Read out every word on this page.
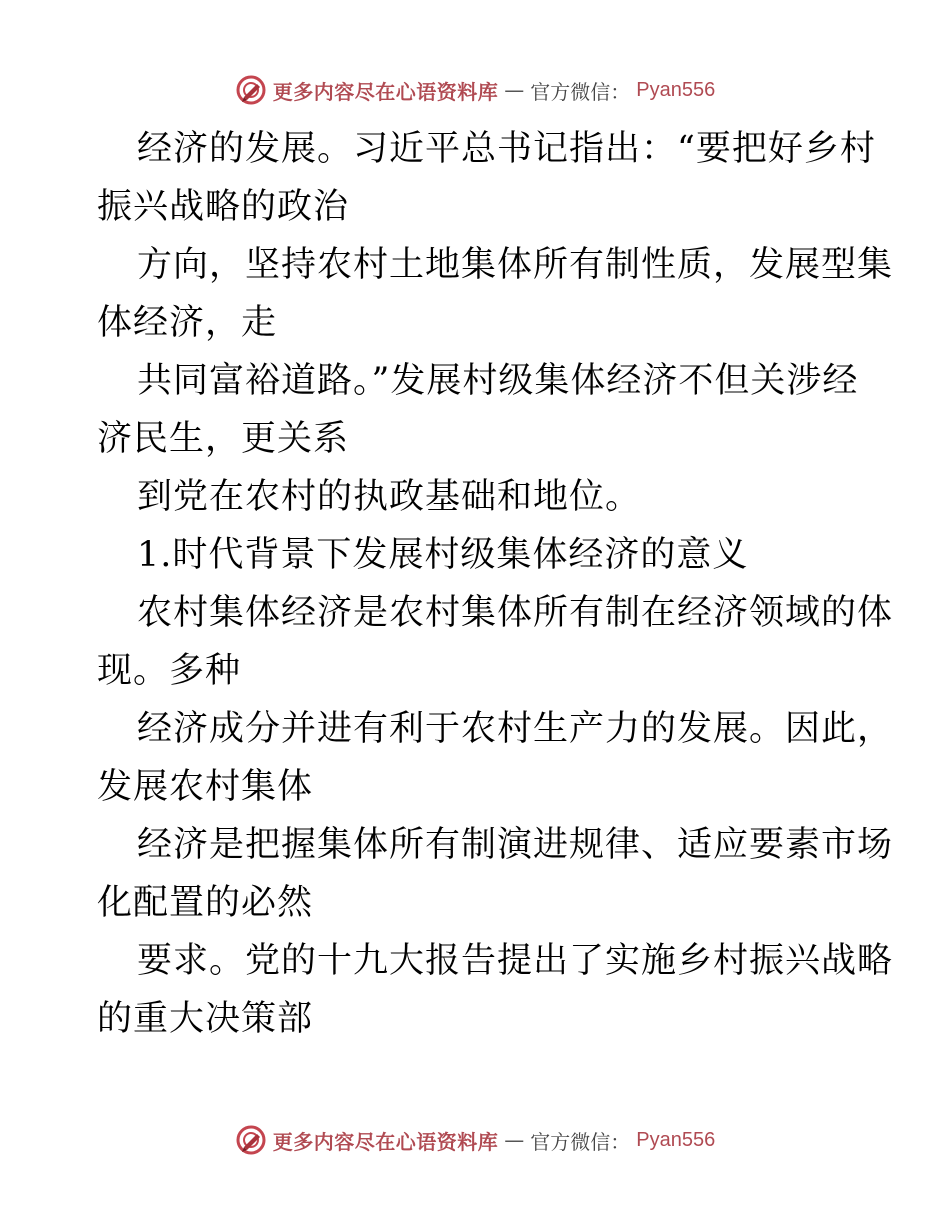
更多内容尽在心语资料库 — 官方微信： Pyan556
经济的发展。习近平总书记指出：“要把好乡村
振兴战略的政治
方向，坚持农村土地集体所有制性质，发展型集
体经济，走
共同富裕道路。”发展村级集体经济不但关涉经
济民生，更关系
到党在农村的执政基础和地位。
1.时代背景下发展村级集体经济的意义
农村集体经济是农村集体所有制在经济领域的体
现。多种
经济成分并进有利于农村生产力的发展。因此，
发展农村集体
经济是把握集体所有制演进规律、适应要素市场
化配置的必然
要求。党的十九大报告提出了实施乡村振兴战略
的重大决策部
更多内容尽在心语资料库 — 官方微信： Pyan556
